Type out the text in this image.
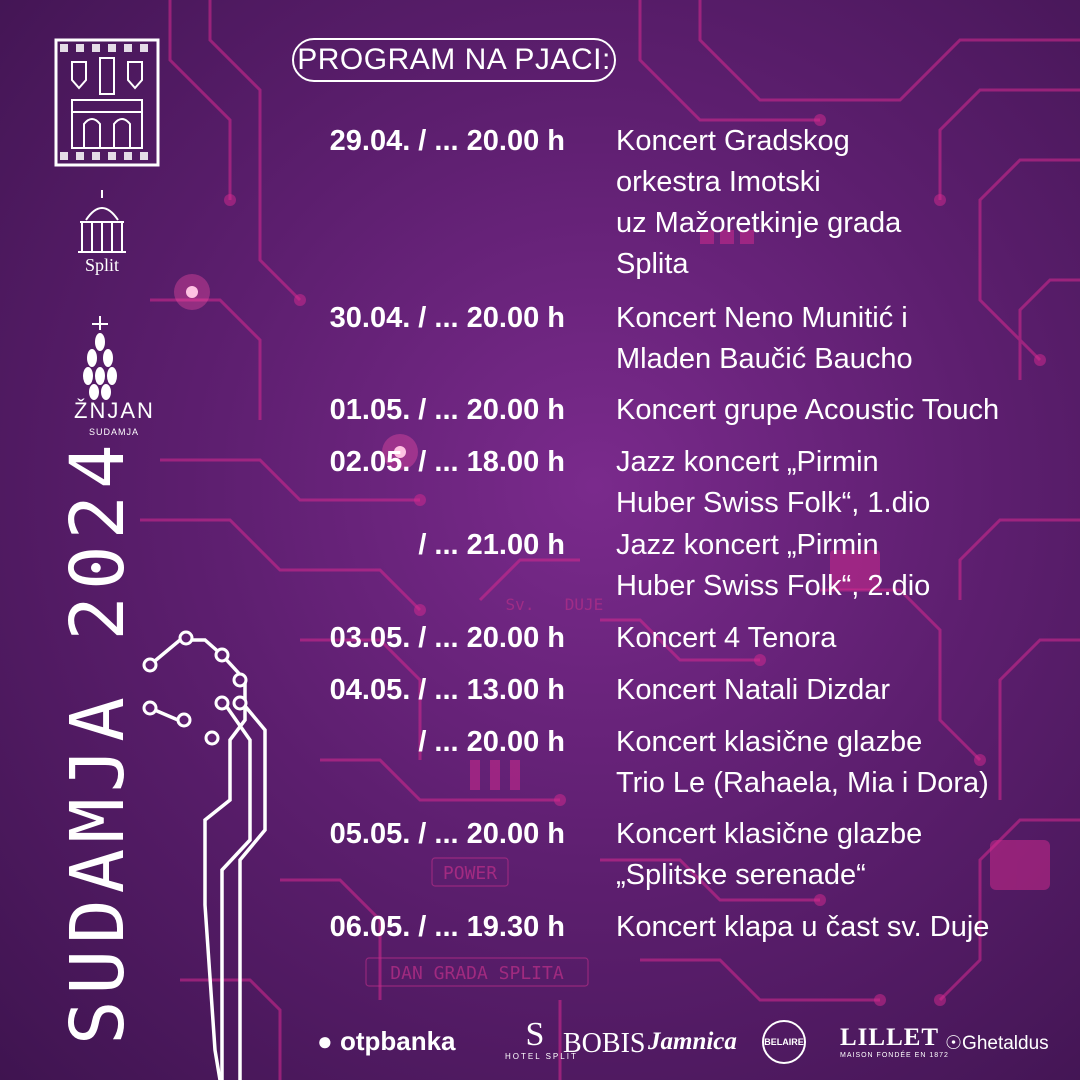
POWER
DAN GRADA SPLITA
Sv. DUJE
Split
ŽNJAN
SUDAMJA
SUDAMJA 2024
PROGRAM NA PJACI:
29.04. / ... 20.00 h Koncert Gradskog
orkestra Imotski
uz Mažoretkinje grada
Splita
30.04. / ... 20.00 h Koncert Neno Munitić i
Mladen Baučić Baucho
01.05. / ... 20.00 h Koncert grupe Acoustic Touch
02.05. / ... 18.00 h Jazz koncert „Pirmin
Huber Swiss Folk“, 1.dio
/ ... 21.00 h Jazz koncert „Pirmin
Huber Swiss Folk“, 2.dio
03.05. / ... 20.00 h Koncert 4 Tenora
04.05. / ... 13.00 h Koncert Natali Dizdar
/ ... 20.00 h Koncert klasične glazbe
Trio Le (Rahaela, Mia i Dora)
05.05. / ... 20.00 h Koncert klasične glazbe
„Splitske serenade“
06.05. / ... 19.30 h Koncert klapa u čast sv. Duje
● otpbanka	S
HOTEL SPLIT
BOBIS Jamnica	BELAIRE LILLET
MAISON FONDÉE EN 1872
☉Ghetaldus
